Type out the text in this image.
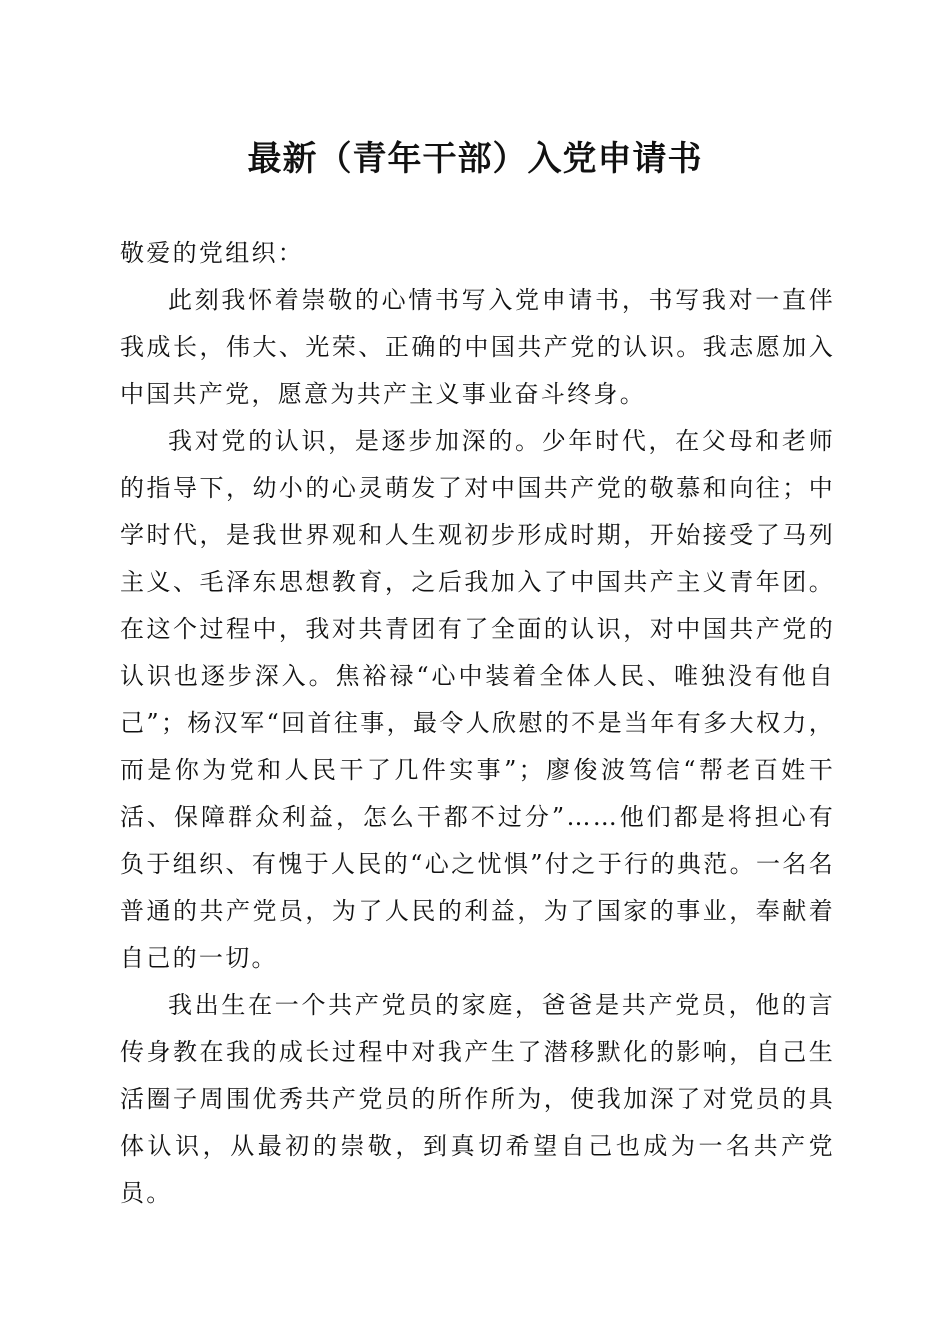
最新（青年干部）入党申请书

敬爱的党组织：

此刻我怀着崇敬的心情书写入党申请书，书写我对一直伴我成长，伟大、光荣、正确的中国共产党的认识。我志愿加入中国共产党，愿意为共产主义事业奋斗终身。

我对党的认识，是逐步加深的。少年时代，在父母和老师的指导下，幼小的心灵萌发了对中国共产党的敬慕和向往；中学时代，是我世界观和人生观初步形成时期，开始接受了马列主义、毛泽东思想教育，之后我加入了中国共产主义青年团。在这个过程中，我对共青团有了全面的认识，对中国共产党的认识也逐步深入。焦裕禄“心中装着全体人民、唯独没有他自己”；杨汉军“回首往事，最令人欣慰的不是当年有多大权力，而是你为党和人民干了几件实事”；廖俊波笃信“帮老百姓干活、保障群众利益，怎么干都不过分”……他们都是将担心有负于组织、有愧于人民的“心之忧惧”付之于行的典范。一名名普通的共产党员，为了人民的利益，为了国家的事业，奉献着自己的一切。

我出生在一个共产党员的家庭，爸爸是共产党员，他的言传身教在我的成长过程中对我产生了潜移默化的影响，自己生活圈子周围优秀共产党员的所作所为，使我加深了对党员的具体认识，从最初的崇敬，到真切希望自己也成为一名共产党员。
